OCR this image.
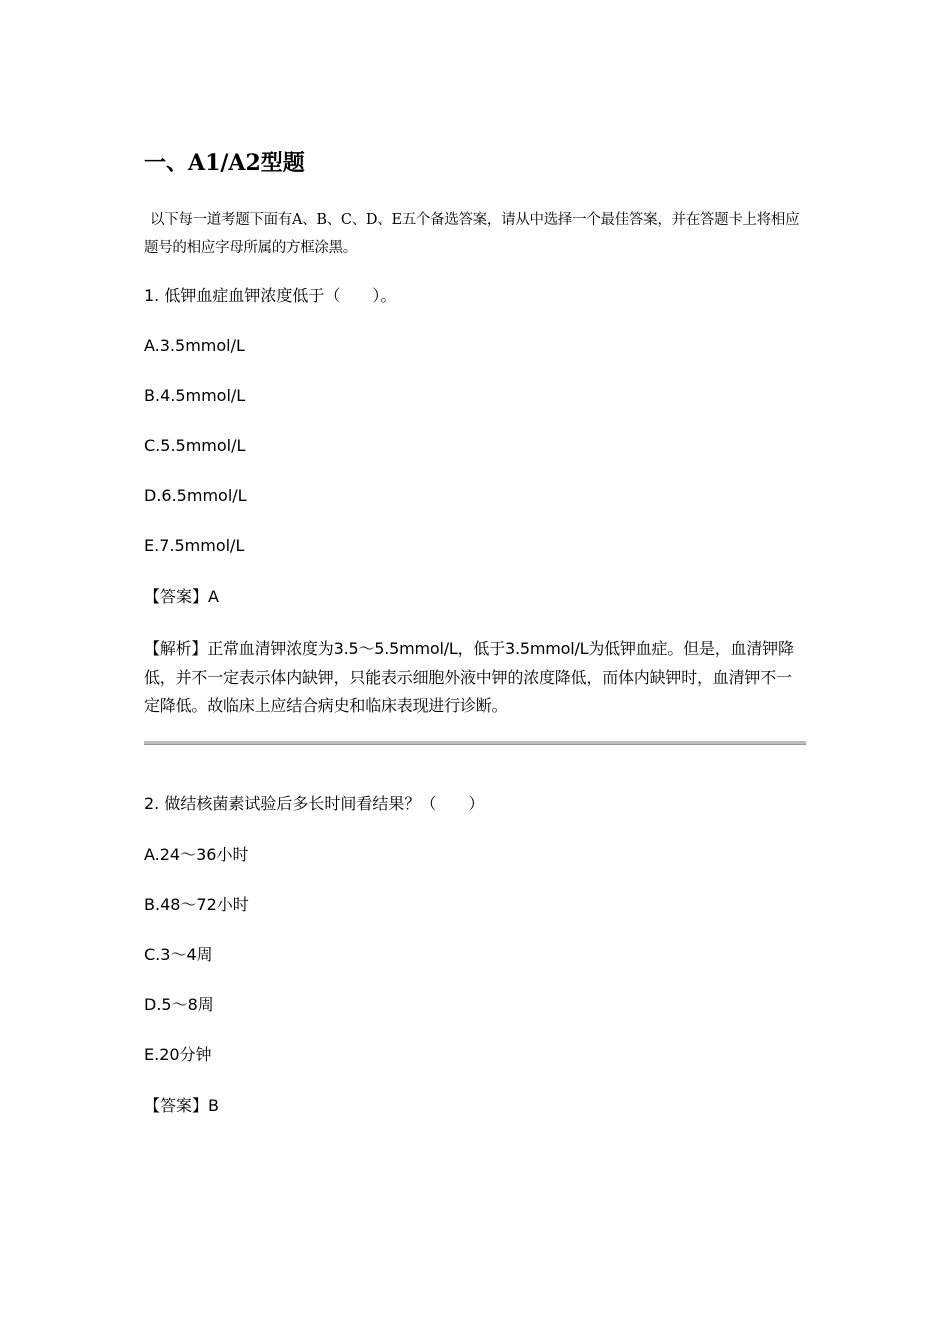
一、A1/A2型题
以下每一道考题下面有A、B、C、D、E五个备选答案，请从中选择一个最佳答案，并在答题卡上将相应题号的相应字母所属的方框涂黑。
1. 低钾血症血钾浓度低于（　　）。
A.3.5mmol/L
B.4.5mmol/L
C.5.5mmol/L
D.6.5mmol/L
E.7.5mmol/L
【答案】A
【解析】正常血清钾浓度为3.5～5.5mmol/L，低于3.5mmol/L为低钾血症。但是，血清钾降低，并不一定表示体内缺钾，只能表示细胞外液中钾的浓度降低，而体内缺钾时，血清钾不一定降低。故临床上应结合病史和临床表现进行诊断。
2. 做结核菌素试验后多长时间看结果？（　　）
A.24～36小时
B.48～72小时
C.3～4周
D.5～8周
E.20分钟
【答案】B
